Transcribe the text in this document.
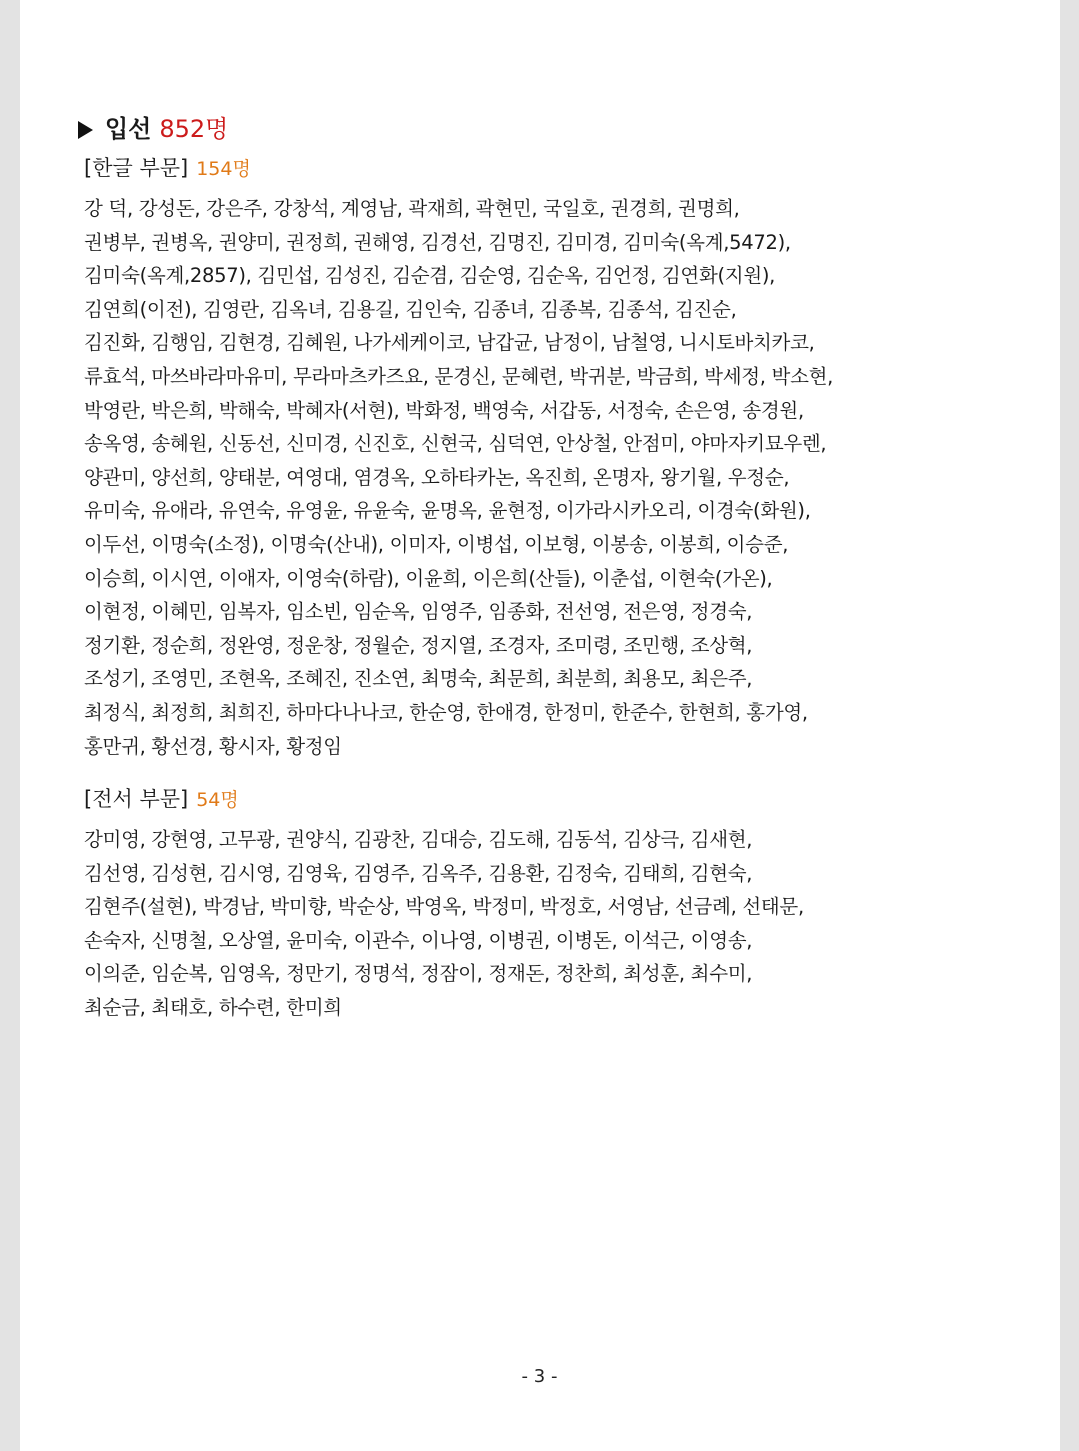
입선 852명
[한글 부문] 154명
강 덕, 강성돈, 강은주, 강창석, 계영남, 곽재희, 곽현민, 국일호, 권경희, 권명희,
권병부, 권병옥, 권양미, 권정희, 권해영, 김경선, 김명진, 김미경, 김미숙(옥계,5472),
김미숙(옥계,2857), 김민섭, 김성진, 김순겸, 김순영, 김순옥, 김언정, 김연화(지원),
김연희(이전), 김영란, 김옥녀, 김용길, 김인숙, 김종녀, 김종복, 김종석, 김진순,
김진화, 김행임, 김현경, 김혜원, 나가세케이코, 남갑균, 남정이, 남철영, 니시토바치카코,
류효석, 마쓰바라마유미, 무라마츠카즈요, 문경신, 문혜련, 박귀분, 박금희, 박세정, 박소현,
박영란, 박은희, 박해숙, 박혜자(서현), 박화정, 백영숙, 서갑동, 서정숙, 손은영, 송경원,
송옥영, 송혜원, 신동선, 신미경, 신진호, 신현국, 심덕연, 안상철, 안점미, 야마자키묘우렌,
양관미, 양선희, 양태분, 여영대, 염경옥, 오하타카논, 옥진희, 온명자, 왕기월, 우정순,
유미숙, 유애라, 유연숙, 유영윤, 유윤숙, 윤명옥, 윤현정, 이가라시카오리, 이경숙(화원),
이두선, 이명숙(소정), 이명숙(산내), 이미자, 이병섭, 이보형, 이봉송, 이봉희, 이승준,
이승희, 이시연, 이애자, 이영숙(하람), 이윤희, 이은희(산들), 이춘섭, 이현숙(가온),
이현정, 이혜민, 임복자, 임소빈, 임순옥, 임영주, 임종화, 전선영, 전은영, 정경숙,
정기환, 정순희, 정완영, 정운창, 정월순, 정지열, 조경자, 조미령, 조민행, 조상혁,
조성기, 조영민, 조현옥, 조혜진, 진소연, 최명숙, 최문희, 최분희, 최용모, 최은주,
최정식, 최정희, 최희진, 하마다나나코, 한순영, 한애경, 한정미, 한준수, 한현희, 홍가영,
홍만귀, 황선경, 황시자, 황정임
[전서 부문] 54명
강미영, 강현영, 고무광, 권양식, 김광찬, 김대승, 김도해, 김동석, 김상극, 김새현,
김선영, 김성현, 김시영, 김영육, 김영주, 김옥주, 김용환, 김정숙, 김태희, 김현숙,
김현주(설현), 박경남, 박미향, 박순상, 박영옥, 박정미, 박정호, 서영남, 선금례, 선태문,
손숙자, 신명철, 오상열, 윤미숙, 이관수, 이나영, 이병권, 이병돈, 이석근, 이영송,
이의준, 임순복, 임영옥, 정만기, 정명석, 정잠이, 정재돈, 정찬희, 최성훈, 최수미,
최순금, 최태호, 하수련, 한미희
- 3 -
